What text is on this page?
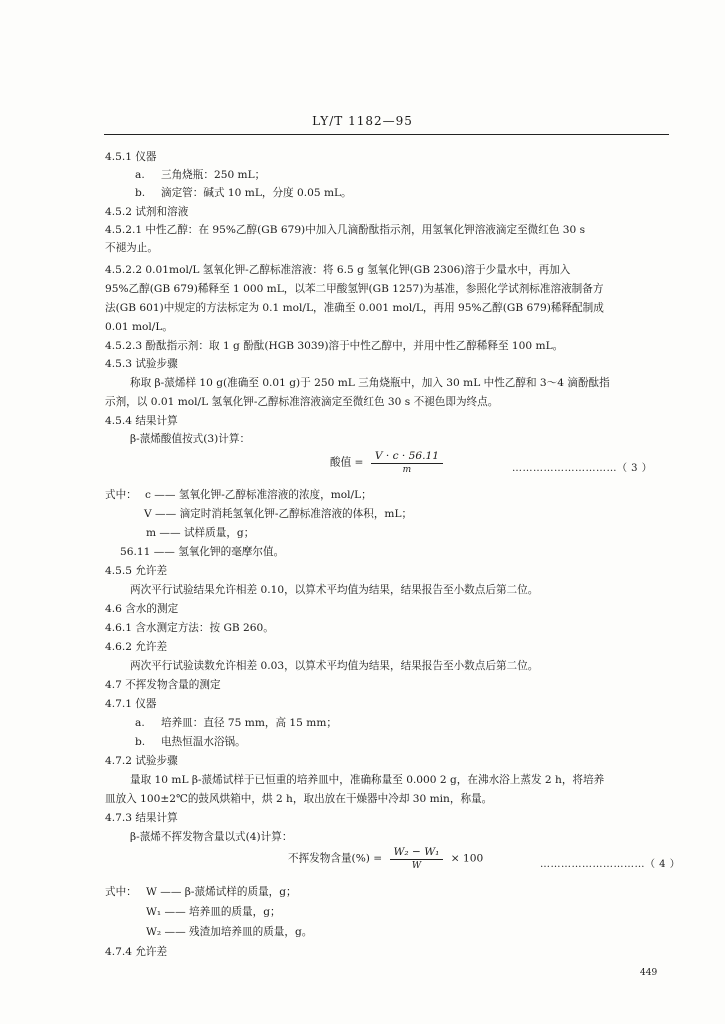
LY/T 1182—95
4.5.1 仪器
a. 三角烧瓶：250 mL；
b. 滴定管：碱式 10 mL，分度 0.05 mL。
4.5.2 试剂和溶液
4.5.2.1 中性乙醇：在 95%乙醇(GB 679)中加入几滴酚酞指示剂，用氢氧化钾溶液滴定至微红色 30 s
不褪为止。
4.5.2.2 0.01mol/L 氢氧化钾-乙醇标准溶液：将 6.5 g 氢氧化钾(GB 2306)溶于少量水中，再加入
95%乙醇(GB 679)稀释至 1 000 mL，以苯二甲酸氢钾(GB 1257)为基准，参照化学试剂标准溶液制备方
法(GB 601)中规定的方法标定为 0.1 mol/L，准确至 0.001 mol/L，再用 95%乙醇(GB 679)稀释配制成
0.01 mol/L。
4.5.2.3 酚酞指示剂：取 1 g 酚酞(HGB 3039)溶于中性乙醇中，并用中性乙醇稀释至 100 mL。
4.5.3 试验步骤
称取 β-蒎烯样 10 g(准确至 0.01 g)于 250 mL 三角烧瓶中，加入 30 mL 中性乙醇和 3～4 滴酚酞指
示剂，以 0.01 mol/L 氢氧化钾-乙醇标准溶液滴定至微红色 30 s 不褪色即为终点。
4.5.4 结果计算
β-蒎烯酸值按式(3)计算：
酸值 = $\frac{V \cdot c \cdot 56.11}{m}$	…………………………（ 3 ）
式中： c —— 氢氧化钾-乙醇标准溶液的浓度，mol/L；
V —— 滴定时消耗氢氧化钾-乙醇标准溶液的体积，mL；
m —— 试样质量，g；
56.11 —— 氢氧化钾的毫摩尔值。
4.5.5 允许差
两次平行试验结果允许相差 0.10，以算术平均值为结果，结果报告至小数点后第二位。
4.6 含水的测定
4.6.1 含水测定方法：按 GB 260。
4.6.2 允许差
两次平行试验读数允许相差 0.03，以算术平均值为结果，结果报告至小数点后第二位。
4.7 不挥发物含量的测定
4.7.1 仪器
a. 培养皿：直径 75 mm，高 15 mm；
b. 电热恒温水浴锅。
4.7.2 试验步骤
量取 10 mL β-蒎烯试样于已恒重的培养皿中，准确称量至 0.000 2 g，在沸水浴上蒸发 2 h，将培养
皿放入 100±2℃的鼓风烘箱中，烘 2 h，取出放在干燥器中冷却 30 min，称量。
4.7.3 结果计算
β-蒎烯不挥发物含量以式(4)计算：
不挥发物含量(%) = $\frac{\text{W₂ − W₁}}{W} \times 100$	…………………………（ 4 ）
式中： W —— β-蒎烯试样的质量，g；
W₁ —— 培养皿的质量，g；
W₂ —— 残渣加培养皿的质量，g。
4.7.4 允许差
449
